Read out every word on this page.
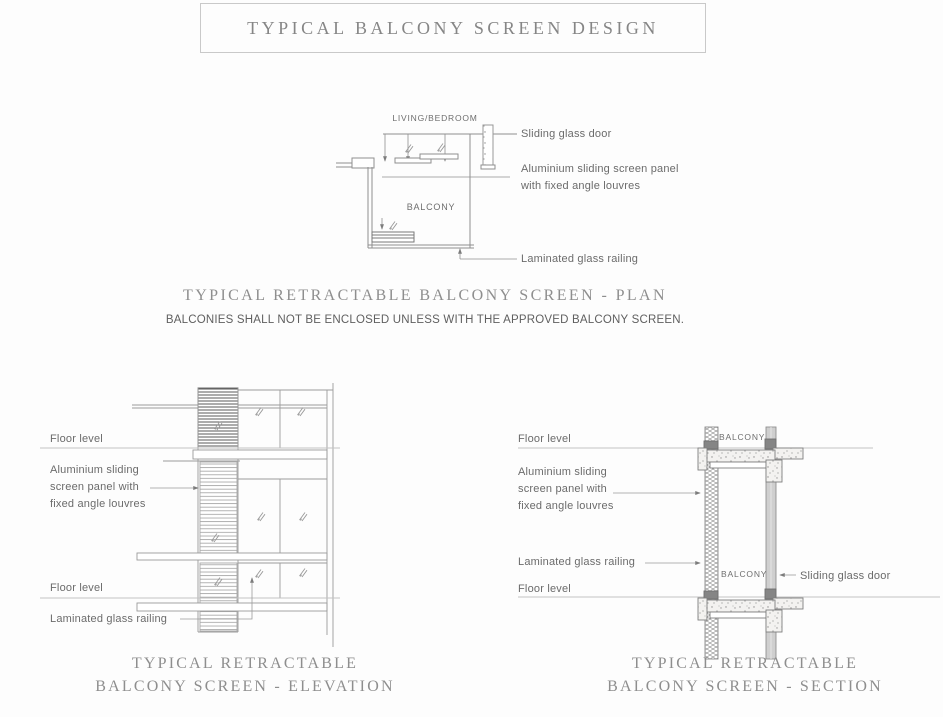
TYPICAL BALCONY SCREEN DESIGN
LIVING/BEDROOM
BALCONY
Sliding glass door
Aluminium sliding screen panel
with fixed angle louvres
Laminated glass railing
TYPICAL RETRACTABLE BALCONY SCREEN - PLAN
BALCONIES SHALL NOT BE ENCLOSED UNLESS WITH THE APPROVED BALCONY SCREEN.
Floor level
Aluminium sliding
screen panel with
fixed angle louvres
Floor level
Laminated glass railing
TYPICAL RETRACTABLE
BALCONY SCREEN - ELEVATION
Floor level	BALCONY
Aluminium sliding
screen panel with
fixed angle louvres
Laminated glass railing
BALCONY	Sliding glass door
Floor level
TYPICAL RETRACTABLE
BALCONY SCREEN - SECTION
